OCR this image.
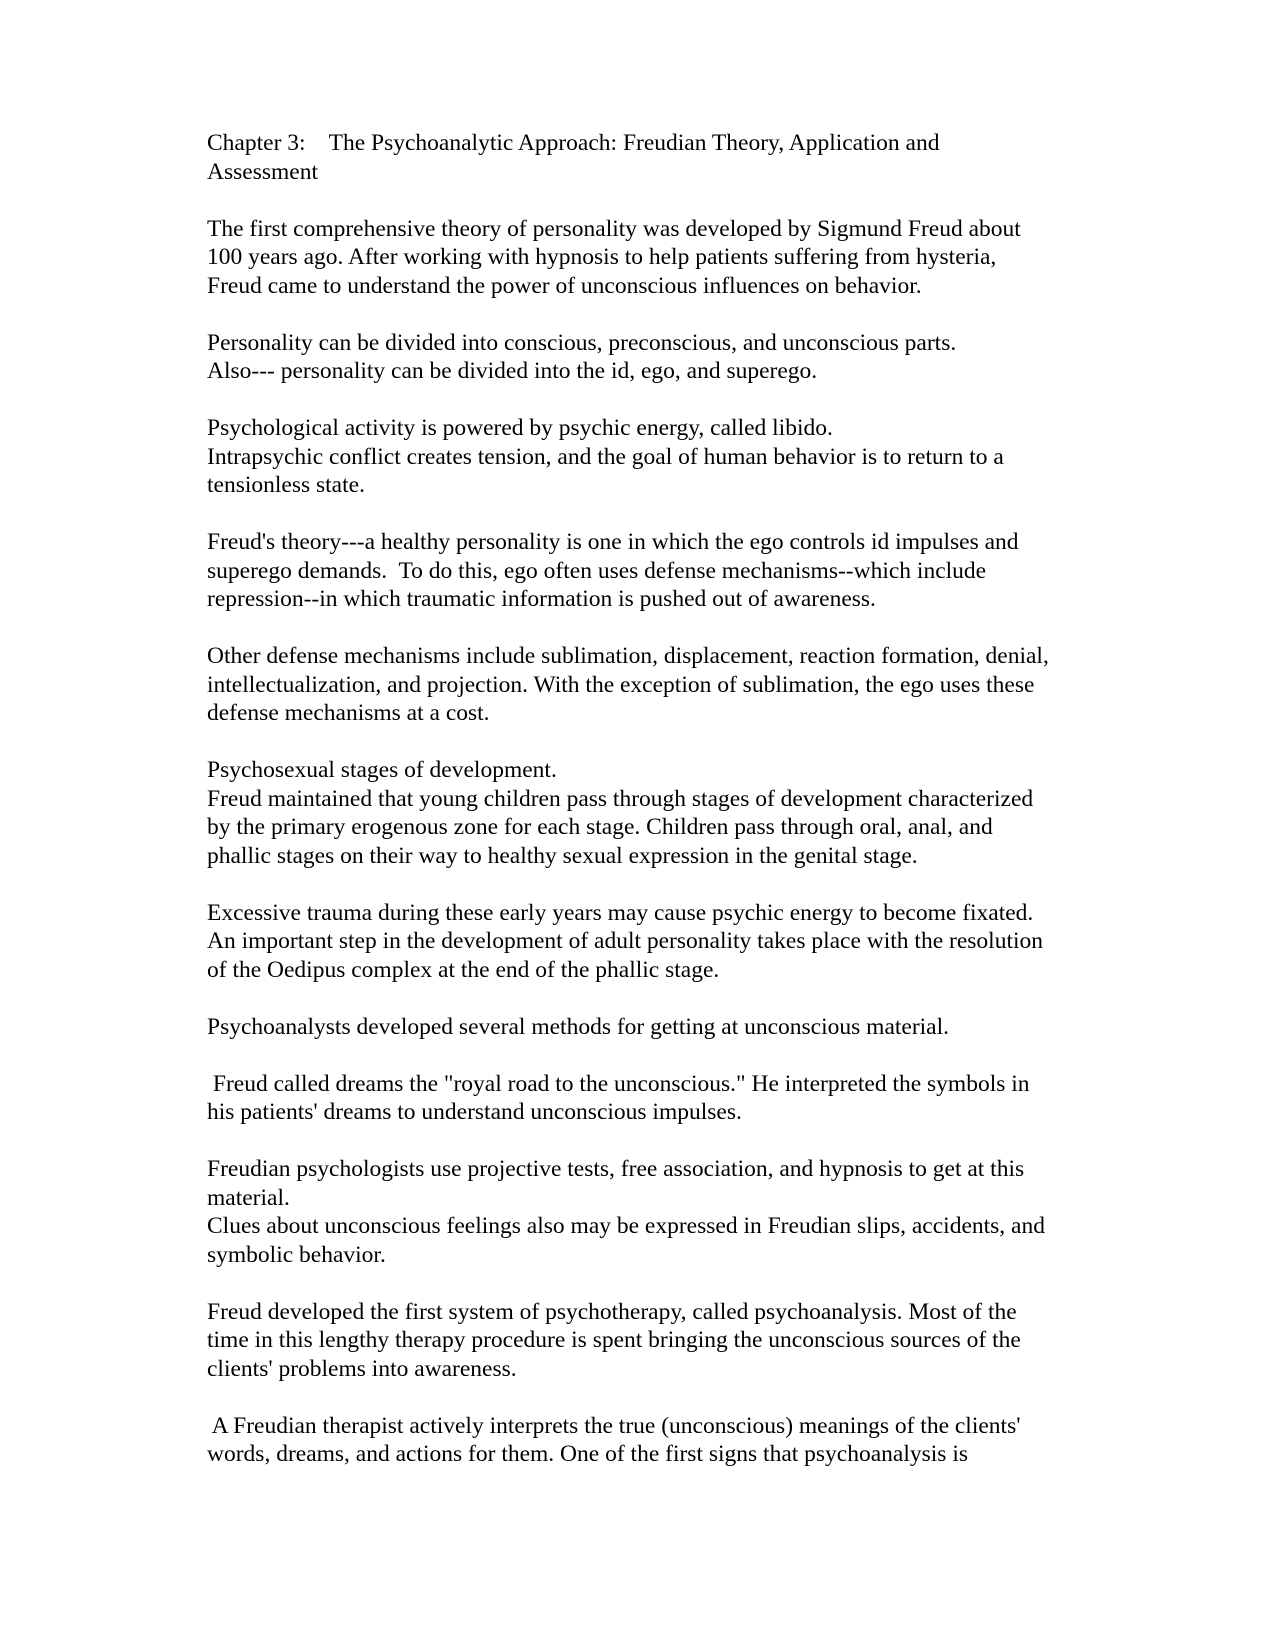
Chapter 3:    The Psychoanalytic Approach: Freudian Theory, Application and
Assessment
The first comprehensive theory of personality was developed by Sigmund Freud about
100 years ago. After working with hypnosis to help patients suffering from hysteria,
Freud came to understand the power of unconscious influences on behavior.
Personality can be divided into conscious, preconscious, and unconscious parts.
Also--- personality can be divided into the id, ego, and superego.
Psychological activity is powered by psychic energy, called libido.
Intrapsychic conflict creates tension, and the goal of human behavior is to return to a
tensionless state.
Freud's theory---a healthy personality is one in which the ego controls id impulses and
superego demands.  To do this, ego often uses defense mechanisms--which include
repression--in which traumatic information is pushed out of awareness.
Other defense mechanisms include sublimation, displacement, reaction formation, denial,
intellectualization, and projection. With the exception of sublimation, the ego uses these
defense mechanisms at a cost.
Psychosexual stages of development.
Freud maintained that young children pass through stages of development characterized
by the primary erogenous zone for each stage. Children pass through oral, anal, and
phallic stages on their way to healthy sexual expression in the genital stage.
Excessive trauma during these early years may cause psychic energy to become fixated.
An important step in the development of adult personality takes place with the resolution
of the Oedipus complex at the end of the phallic stage.
Psychoanalysts developed several methods for getting at unconscious material.
Freud called dreams the "royal road to the unconscious." He interpreted the symbols in
his patients' dreams to understand unconscious impulses.
Freudian psychologists use projective tests, free association, and hypnosis to get at this
material.
Clues about unconscious feelings also may be expressed in Freudian slips, accidents, and
symbolic behavior.
Freud developed the first system of psychotherapy, called psychoanalysis. Most of the
time in this lengthy therapy procedure is spent bringing the unconscious sources of the
clients' problems into awareness.
A Freudian therapist actively interprets the true (unconscious) meanings of the clients'
words, dreams, and actions for them. One of the first signs that psychoanalysis is
